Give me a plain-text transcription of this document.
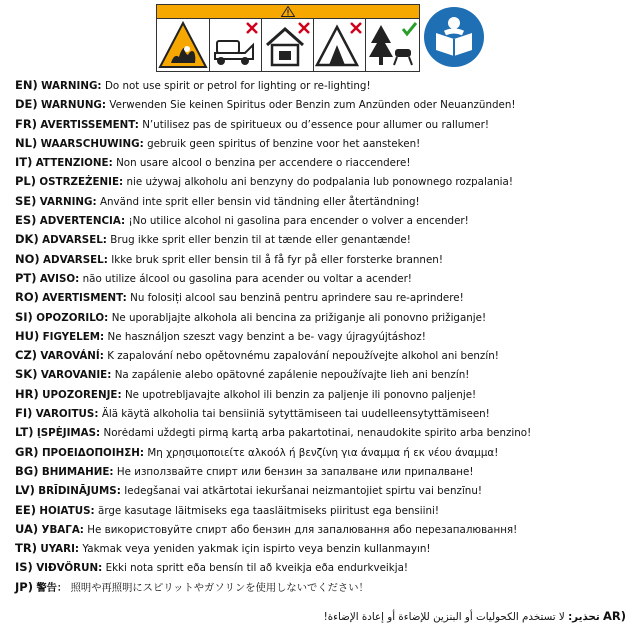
EN) WARNING: Do not use spirit or petrol for lighting or re-lighting!
DE) WARNUNG: Verwenden Sie keinen Spiritus oder Benzin zum Anzünden oder Neuanzünden!
FR) AVERTISSEMENT: N’utilisez pas de spiritueux ou d’essence pour allumer ou rallumer!
NL) WAARSCHUWING: gebruik geen spiritus of benzine voor het aansteken!
IT) ATTENZIONE: Non usare alcool o benzina per accendere o riaccendere!
PL) OSTRZEŻENIE: nie używaj alkoholu ani benzyny do podpalania lub ponownego rozpalania!
SE) VARNING: Använd inte sprit eller bensin vid tändning eller återtändning!
ES) ADVERTENCIA: ¡No utilice alcohol ni gasolina para encender o volver a encender!
DK) ADVARSEL: Brug ikke sprit eller benzin til at tænde eller genantænde!
NO) ADVARSEL: Ikke bruk sprit eller bensin til å få fyr på eller forsterke brannen!
PT) AVISO: não utilize álcool ou gasolina para acender ou voltar a acender!
RO) AVERTISMENT: Nu folosiți alcool sau benzină pentru aprindere sau re-aprindere!
SI) OPOZORILO: Ne uporabljajte alkohola ali bencina za prižiganje ali ponovno prižiganje!
HU) FIGYELEM: Ne használjon szeszt vagy benzint a be- vagy újragyújtáshoz!
CZ) VAROVÁNÍ: K zapalování nebo opětovnému zapalování nepoužívejte alkohol ani benzín!
SK) VAROVANIE: Na zapálenie alebo opätovné zapálenie nepoužívajte lieh ani benzín!
HR) UPOZORENJE: Ne upotrebljavajte alkohol ili benzin za paljenje ili ponovno paljenje!
FI) VAROITUS: Älä käytä alkoholia tai bensiiniä sytyttämiseen tai uudelleensytyttämiseen!
LT) ĮSPĖJIMAS: Norėdami uždegti pirmą kartą arba pakartotinai, nenaudokite spirito arba benzino!
GR) ΠΡΟΕΙΔΟΠΟΙΗΣΗ: Μη χρησιμοποιείτε αλκοόλ ή βενζίνη για άναμμα ή εκ νέου άναμμα!
BG) ВНИМАНИЕ: Не използвайте спирт или бензин за запалване или припалване!
LV) BRĪDINĀJUMS: Iedegšanai vai atkārtotai iekuršanai neizmantojiet spirtu vai benzīnu!
EE) HOIATUS: ärge kasutage läitmiseks ega taasläitmiseks piiritust ega bensiini!
UA) УВАГА: Не використовуйте спирт або бензин для запалювання або перезапалювання!
TR) UYARI: Yakmak veya yeniden yakmak için ispirto veya benzin kullanmayın!
IS) VIÐVÖRUN: Ekki nota spritt eða bensín til að kveikja eða endurkveikja!
JP) 警告： 照明や再照明にスピリットやガソリンを使用しないでください！
(AR تحذير: لا تستخدم الكحوليات أو البنزين للإضاءة أو إعادة الإضاءة!
